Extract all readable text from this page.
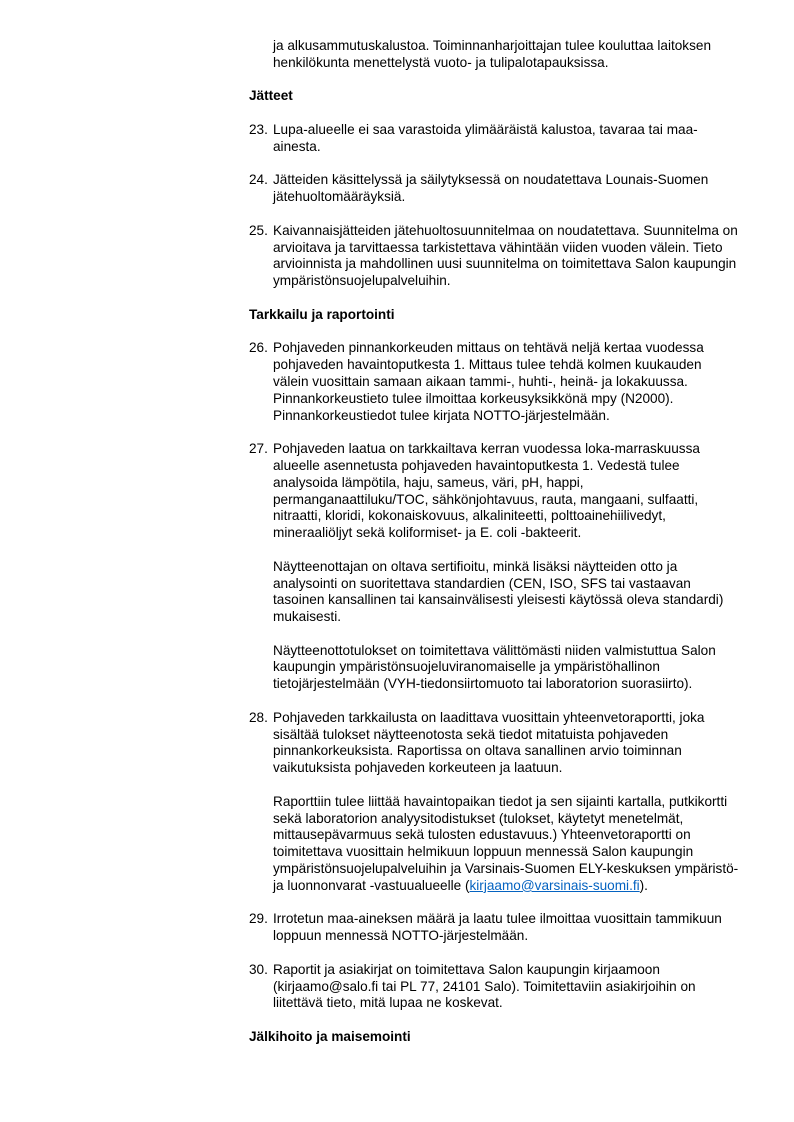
ja alkusammutuskalustoa. Toiminnanharjoittajan tulee kouluttaa laitoksen henkilökunta menettelystä vuoto- ja tulipalotapauksissa.

Jätteet

23. Lupa-alueelle ei saa varastoida ylimääräistä kalustoa, tavaraa tai maa-ainesta.

24. Jätteiden käsittelyssä ja säilytyksessä on noudatettava Lounais-Suomen jätehuoltomääräyksiä.

25. Kaivannaisjätteiden jätehuoltosuunnitelmaa on noudatettava. Suunnitelma on arvioitava ja tarvittaessa tarkistettava vähintään viiden vuoden välein. Tieto arvioinnista ja mahdollinen uusi suunnitelma on toimitettava Salon kaupungin ympäristönsuojelupalveluihin.

Tarkkailu ja raportointi

26. Pohjaveden pinnankorkeuden mittaus on tehtävä neljä kertaa vuodessa pohjaveden havaintoputkesta 1. Mittaus tulee tehdä kolmen kuukauden välein vuosittain samaan aikaan tammi-, huhti-, heinä- ja lokakuussa. Pinnankorkeustieto tulee ilmoittaa korkeusyksikkönä mpy (N2000). Pinnankorkeustiedot tulee kirjata NOTTO-järjestelmään.

27. Pohjaveden laatua on tarkkailtava kerran vuodessa loka-marraskuussa alueelle asennetusta pohjaveden havaintoputkesta 1. Vedestä tulee analysoida lämpötila, haju, sameus, väri, pH, happi, permanganaattiluku/TOC, sähkönjohtavuus, rauta, mangaani, sulfaatti, nitraatti, kloridi, kokonaiskovuus, alkaliniteetti, polttoainehiilivedyt, mineraaliöljyt sekä koliformiset- ja E. coli -bakteerit.

Näytteenottajan on oltava sertifioitu, minkä lisäksi näytteiden otto ja analysointi on suoritettava standardien (CEN, ISO, SFS tai vastaavan tasoinen kansallinen tai kansainvälisesti yleisesti käytössä oleva standardi) mukaisesti.

Näytteenottotulokset on toimitettava välittömästi niiden valmistuttua Salon kaupungin ympäristönsuojeluviranomaiselle ja ympäristöhallinon tietojärjestelmään (VYH-tiedonsiirtomuoto tai laboratorion suorasiirto).

28. Pohjaveden tarkkailusta on laadittava vuosittain yhteenvetoraportti, joka sisältää tulokset näytteenotosta sekä tiedot mitatuista pohjaveden pinnankorkeuksista. Raportissa on oltava sanallinen arvio toiminnan vaikutuksista pohjaveden korkeuteen ja laatuun.

Raporttiin tulee liittää havaintopaikan tiedot ja sen sijainti kartalla, putkikortti sekä laboratorion analyysitodistukset (tulokset, käytetyt menetelmät, mittausepävarmuus sekä tulosten edustavuus.) Yhteenvetoraportti on toimitettava vuosittain helmikuun loppuun mennessä Salon kaupungin ympäristönsuojelupalveluihin ja Varsinais-Suomen ELY-keskuksen ympäristö- ja luonnonvarat -vastuualueelle (kirjaamo@varsinais-suomi.fi).

29. Irrotetun maa-aineksen määrä ja laatu tulee ilmoittaa vuosittain tammikuun loppuun mennessä NOTTO-järjestelmään.

30. Raportit ja asiakirjat on toimitettava Salon kaupungin kirjaamoon (kirjaamo@salo.fi tai PL 77, 24101 Salo). Toimitettaviin asiakirjoihin on liitettävä tieto, mitä lupaa ne koskevat.

Jälkihoito ja maisemointi
